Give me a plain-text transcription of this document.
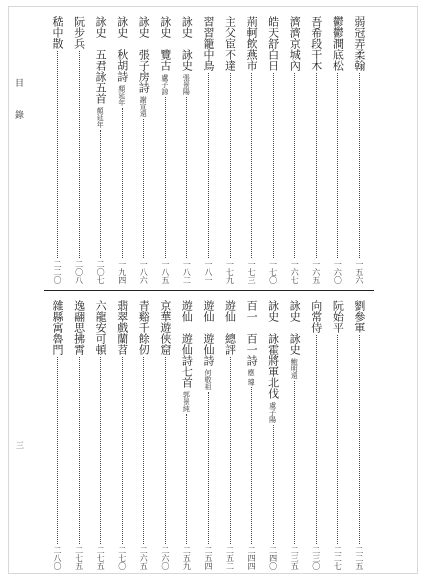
目 錄
三
弱冠弄柔翰
一五六
鬱鬱澗底松
一六〇
吾希段干木
一六五
濟濟京城內
一六七
皓天舒白日
一七〇
荊軻飲燕市
一七三
主父宦不達
一七九
習習籠中鳥
一八一
詠史　詠史
張景陽
一八二
詠史　覽古
盧子諒
一八五
詠史　張子房詩
謝宣遠
一八六
詠史　秋胡詩
顏延年
一九四
詠史　五君詠五首
顏延年
二〇七
阮步兵
二〇八
嵇中散
二二〇
劉參軍
二二五
阮始平
二二七
向常侍
二三〇
詠史　詠史
鮑明遠
二三五
詠史　詠霍將軍北伐
虞子陽
二四〇
百一　百一詩
應 璩
二四四
遊仙　總評
二五二
遊仙　遊仙詩
何敬祖
二五四
遊仙　遊仙詩七首
郭景純
二五九
京華遊俠窟
二六〇
青谿千餘仞
二六五
翡翠戲蘭苕
二七〇
六龍安可頓
二七五
逸翮思拂霄
二七五
雜縣寓魯門
二八〇
